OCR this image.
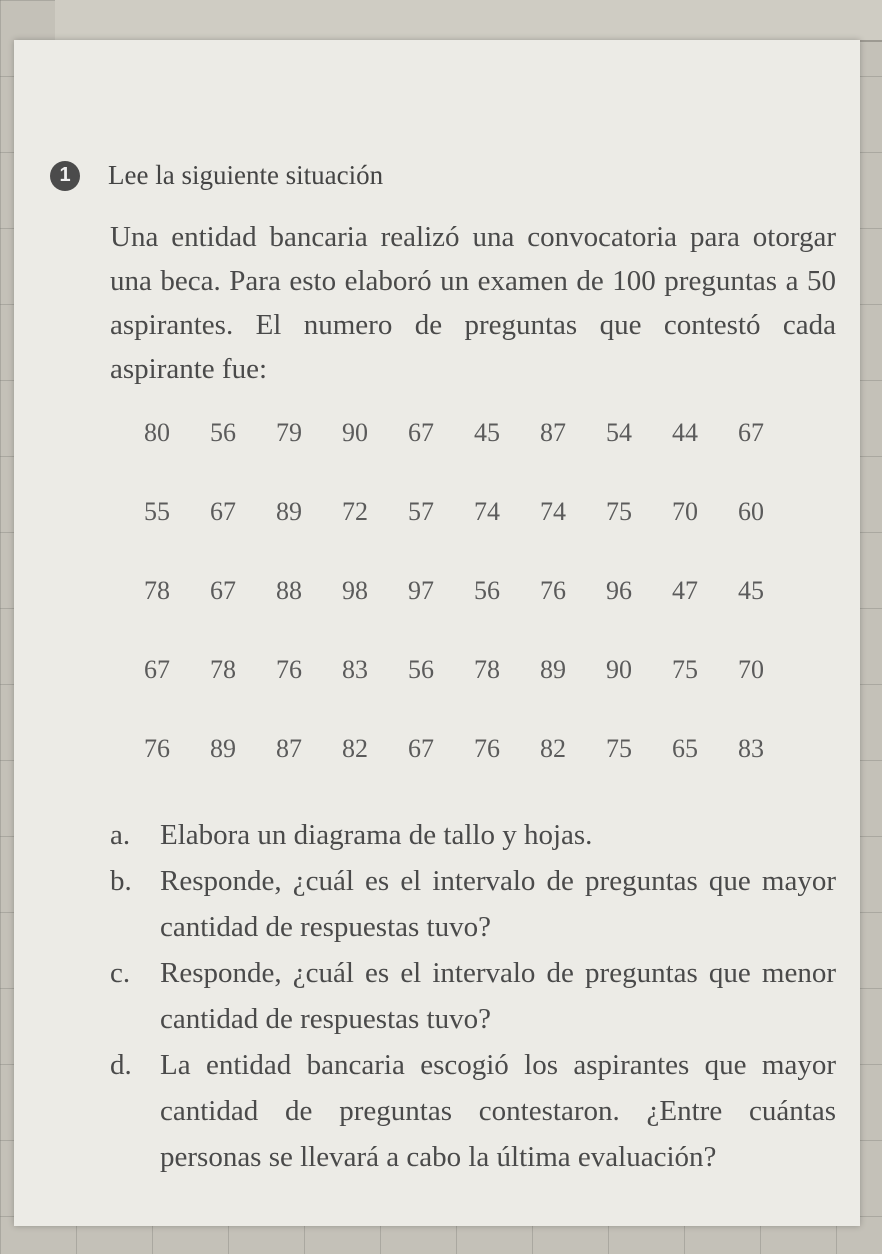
1	Lee la siguiente situación
Una entidad bancaria realizó una convocatoria para otorgar una beca. Para esto elaboró un examen de 100 preguntas a 50 aspirantes. El numero de preguntas que contestó cada aspirante fue:
80	56	79	90	67	45	87	54	44	67
55	67	89	72	57	74	74	75	70	60
78	67	88	98	97	56	76	96	47	45
67	78	76	83	56	78	89	90	75	70
76	89	87	82	67	76	82	75	65	83
a.	Elabora un diagrama de tallo y hojas.
b. Responde, ¿cuál es el intervalo de preguntas que mayor cantidad de respuestas tuvo?
c.	Responde, ¿cuál es el intervalo de preguntas que menor cantidad de respuestas tuvo?
d. La entidad bancaria escogió los aspirantes que mayor cantidad de preguntas contestaron. ¿Entre cuántas personas se llevará a cabo la última evaluación?
